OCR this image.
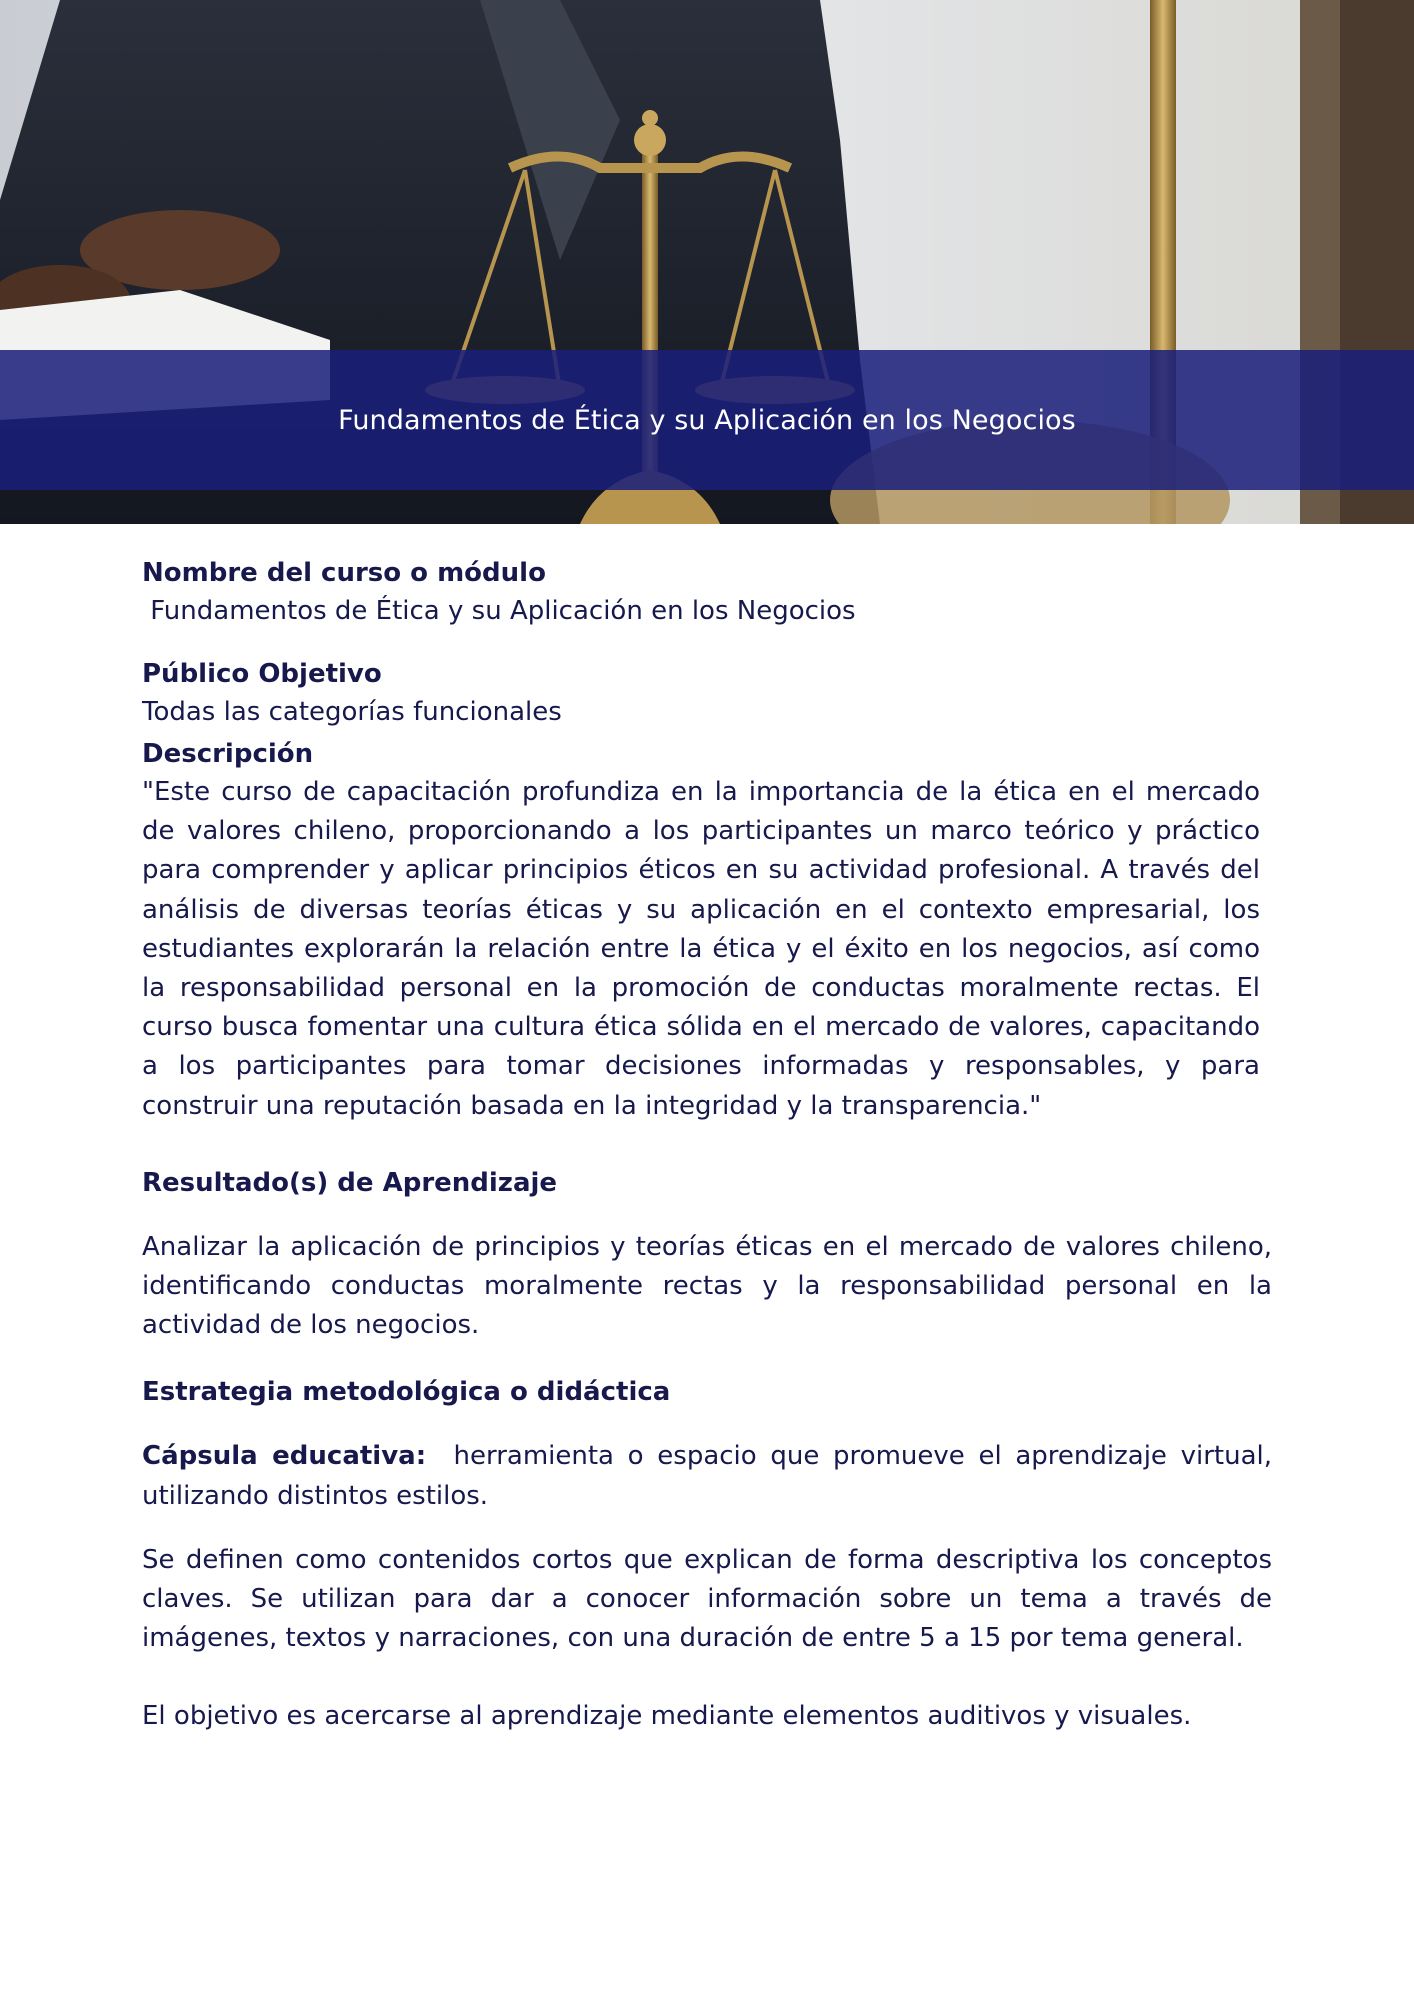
Fundamentos de Ética y su Aplicación en los Negocios
Nombre del curso o módulo
Fundamentos de Ética y su Aplicación en los Negocios
Público Objetivo
Todas las categorías funcionales
Descripción

"Este curso de capacitación profundiza en la importancia de la ética en el mercado de valores chileno, proporcionando a los participantes un marco teórico y práctico para comprender y aplicar principios éticos en su actividad profesional. A través del análisis de diversas teorías éticas y su aplicación en el contexto empresarial, los estudiantes explorarán la relación entre la ética y el éxito en los negocios, así como la responsabilidad personal en la promoción de conductas moralmente rectas. El curso busca fomentar una cultura ética sólida en el mercado de valores, capacitando a los participantes para tomar decisiones informadas y responsables, y para construir una reputación basada en la integridad y la transparencia."

Resultado(s) de Aprendizaje

Analizar la aplicación de principios y teorías éticas en el mercado de valores chileno, identificando conductas moralmente rectas y la responsabilidad personal en la actividad de los negocios.

Estrategia metodológica o didáctica

Cápsula educativa: herramienta o espacio que promueve el aprendizaje virtual, utilizando distintos estilos.

Se definen como contenidos cortos que explican de forma descriptiva los conceptos claves. Se utilizan para dar a conocer información sobre un tema a través de imágenes, textos y narraciones, con una duración de entre 5 a 15 por tema general.

El objetivo es acercarse al aprendizaje mediante elementos auditivos y visuales.
